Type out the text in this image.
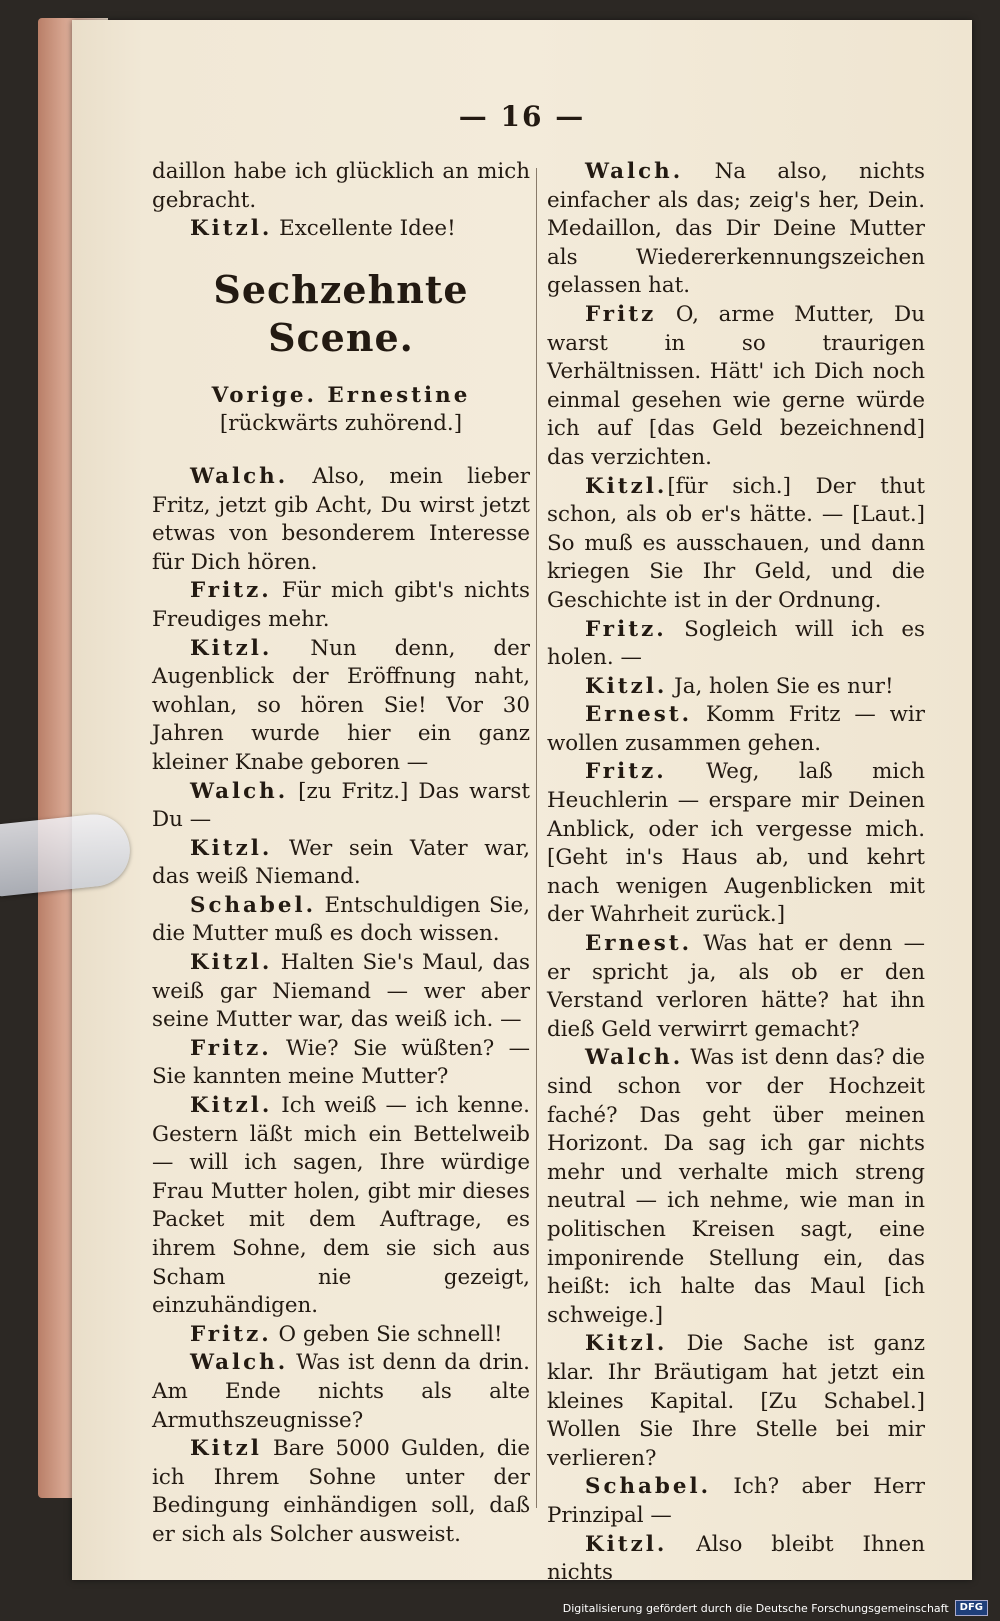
— 16 —

daillon habe ich glücklich an mich gebracht.

Kitzl. Excellente Idee!

Sechzehnte Scene.

Vorige. Ernestine [rückwärts zuhörend.]

Walch. Also, mein lieber Fritz, jetzt gib Acht, Du wirst jetzt etwas von besonderem Interesse für Dich hören.

Fritz. Für mich gibt's nichts Freudiges mehr.

Kitzl. Nun denn, der Augenblick der Eröffnung naht, wohlan, so hören Sie! Vor 30 Jahren wurde hier ein ganz kleiner Knabe geboren —

Walch. [zu Fritz.] Das warst Du —

Kitzl. Wer sein Vater war, das weiß Niemand.

Schabel. Entschuldigen Sie, die Mutter muß es doch wissen.

Kitzl. Halten Sie's Maul, das weiß gar Niemand — wer aber seine Mutter war, das weiß ich. —

Fritz. Wie? Sie wüßten? — Sie kannten meine Mutter?

Kitzl. Ich weiß — ich kenne. Gestern läßt mich ein Bettelweib — will ich sagen, Ihre würdige Frau Mutter holen, gibt mir dieses Packet mit dem Auftrage, es ihrem Sohne, dem sie sich aus Scham nie gezeigt, einzuhändigen.

Fritz. O geben Sie schnell!

Walch. Was ist denn da drin. Am Ende nichts als alte Armuthszeugnisse?

Kitzl Bare 5000 Gulden, die ich Ihrem Sohne unter der Bedingung einhändigen soll, daß er sich als Solcher ausweist.

Walch. Na also, nichts einfacher als das; zeig's her, Dein. Medaillon, das Dir Deine Mutter als Wiedererkennungszeichen gelassen hat.

Fritz O, arme Mutter, Du warst in so traurigen Verhältnissen. Hätt' ich Dich noch einmal gesehen wie gerne würde ich auf [das Geld bezeichnend] das verzichten.

Kitzl.[für sich.] Der thut schon, als ob er's hätte. — [Laut.] So muß es ausschauen, und dann kriegen Sie Ihr Geld, und die Geschichte ist in der Ordnung.

Fritz. Sogleich will ich es holen. —

Kitzl. Ja, holen Sie es nur!

Ernest. Komm Fritz — wir wollen zusammen gehen.

Fritz. Weg, laß mich Heuchlerin — erspare mir Deinen Anblick, oder ich vergesse mich. [Geht in's Haus ab, und kehrt nach wenigen Augenblicken mit der Wahrheit zurück.]

Ernest. Was hat er denn — er spricht ja, als ob er den Verstand verloren hätte? hat ihn dieß Geld verwirrt gemacht?

Walch. Was ist denn das? die sind schon vor der Hochzeit faché? Das geht über meinen Horizont. Da sag ich gar nichts mehr und verhalte mich streng neutral — ich nehme, wie man in politischen Kreisen sagt, eine imponirende Stellung ein, das heißt: ich halte das Maul [ich schweige.]

Kitzl. Die Sache ist ganz klar. Ihr Bräutigam hat jetzt ein kleines Kapital. [Zu Schabel.] Wollen Sie Ihre Stelle bei mir verlieren?

Schabel. Ich? aber Herr Prinzipal —

Kitzl. Also bleibt Ihnen nichts

Digitalisierung gefördert durch die Deutsche Forschungsgemeinschaft	DFG
